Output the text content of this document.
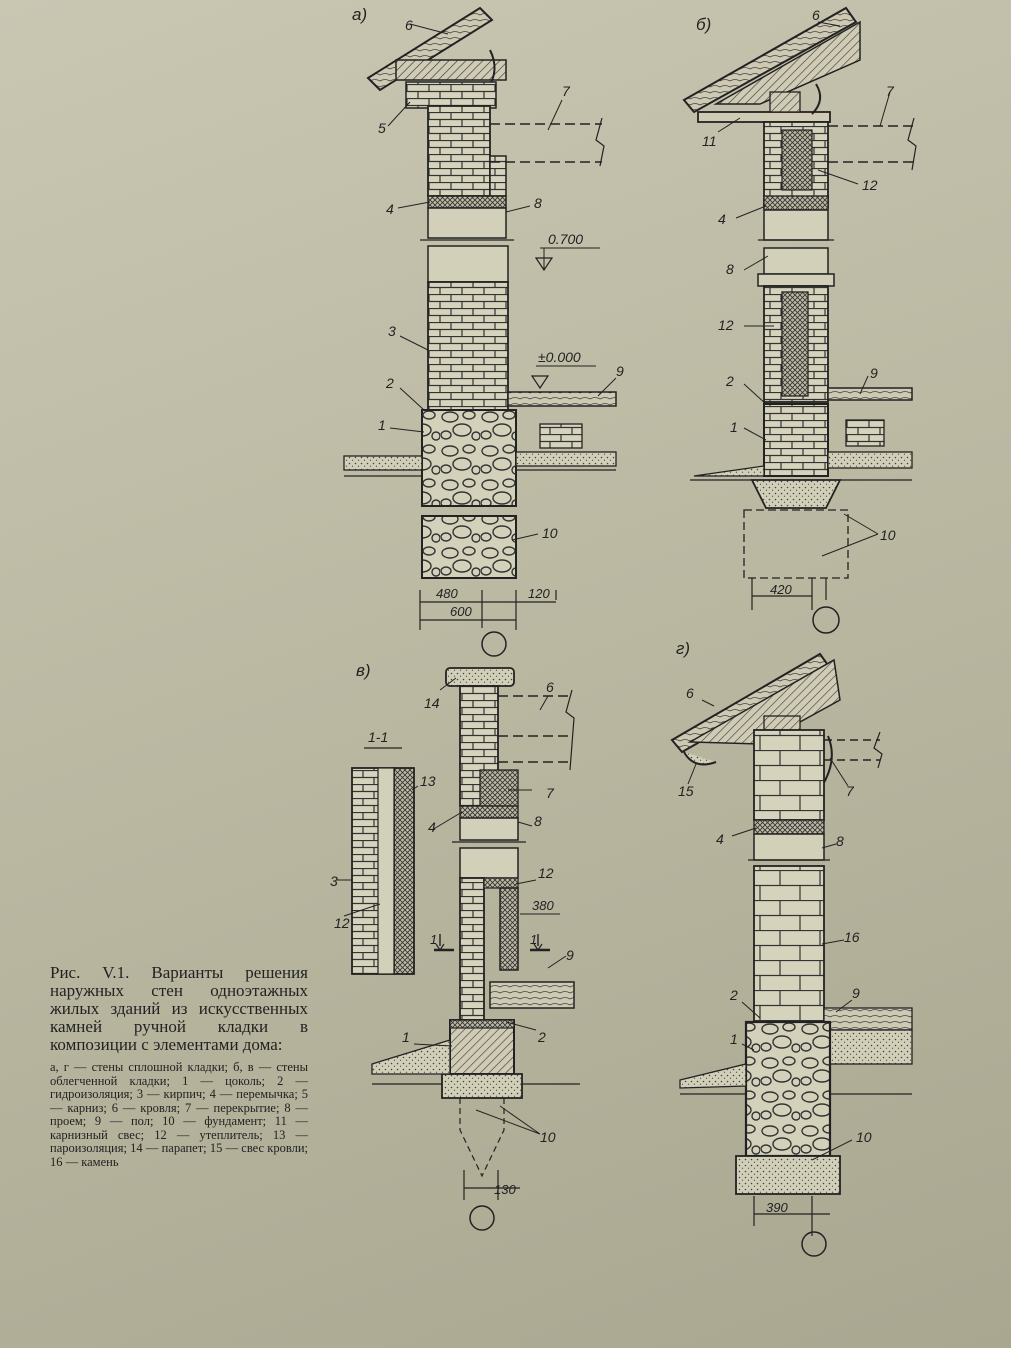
а)
6
5
7
4	8
3
2
1
9
10
0.700
±0.000
480	120
600
б)	6
7
11
12
4
8
12
2	9
1
10
420
в)
1-1
14
6
13
7
4	8
3
12
12
9
1	2
10
1	1
380
130
г)
6
15	7
4	8
16
2	9
1
10
390

Рис. V.1. Варианты решения наружных стен одноэтажных жилых зданий из искусственных камней ручной кладки в композиции с элементами дома:

а, г — стены сплошной кладки; б, в — стены облегченной кладки; 1 — цоколь; 2 — гидроизоляция; 3 — кирпич; 4 — перемычка; 5 — карниз; 6 — кровля; 7 — перекрытие; 8 — проем; 9 — пол; 10 — фундамент; 11 — карнизный свес; 12 — утеплитель; 13 — пароизоляция; 14 — парапет; 15 — свес кровли; 16 — камень
